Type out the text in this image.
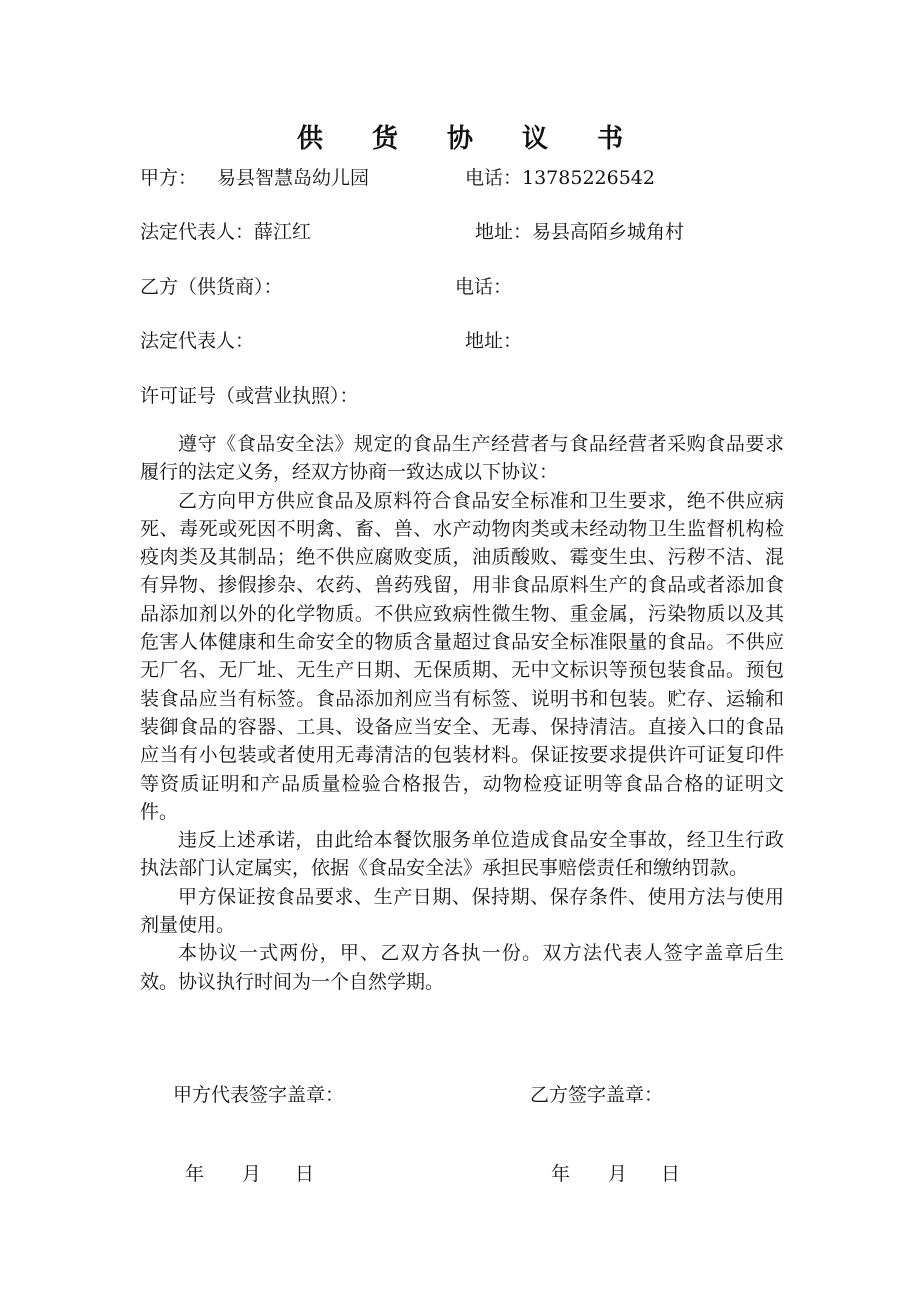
供 货 协 议 书
甲方： 易县智慧岛幼儿园	电话：13785226542
法定代表人：薛江红	地址：易县高陌乡城角村
乙方（供货商）：	电话：
法定代表人：	地址：
许可证号（或营业执照）：

遵守《食品安全法》规定的食品生产经营者与食品经营者采购食品要求履行的法定义务，经双方协商一致达成以下协议：

乙方向甲方供应食品及原料符合食品安全标准和卫生要求，绝不供应病死、毒死或死因不明禽、畜、兽、水产动物肉类或未经动物卫生监督机构检疫肉类及其制品；绝不供应腐败变质，油质酸败、霉变生虫、污秽不洁、混有异物、掺假掺杂、农药、兽药残留，用非食品原料生产的食品或者添加食品添加剂以外的化学物质。不供应致病性微生物、重金属，污染物质以及其危害人体健康和生命安全的物质含量超过食品安全标准限量的食品。不供应无厂名、无厂址、无生产日期、无保质期、无中文标识等预包装食品。预包装食品应当有标签。食品添加剂应当有标签、说明书和包装。贮存、运输和装御食品的容器、工具、设备应当安全、无毒、保持清洁。直接入口的食品应当有小包装或者使用无毒清洁的包装材料。保证按要求提供许可证复印件等资质证明和产品质量检验合格报告，动物检疫证明等食品合格的证明文件。

违反上述承诺，由此给本餐饮服务单位造成食品安全事故，经卫生行政执法部门认定属实，依据《食品安全法》承担民事赔偿责任和缴纳罚款。

甲方保证按食品要求、生产日期、保持期、保存条件、使用方法与使用剂量使用。

本协议一式两份，甲、乙双方各执一份。双方法代表人签字盖章后生效。协议执行时间为一个自然学期。

甲方代表签字盖章：	乙方签字盖章：
年 月 日	年 月 日
